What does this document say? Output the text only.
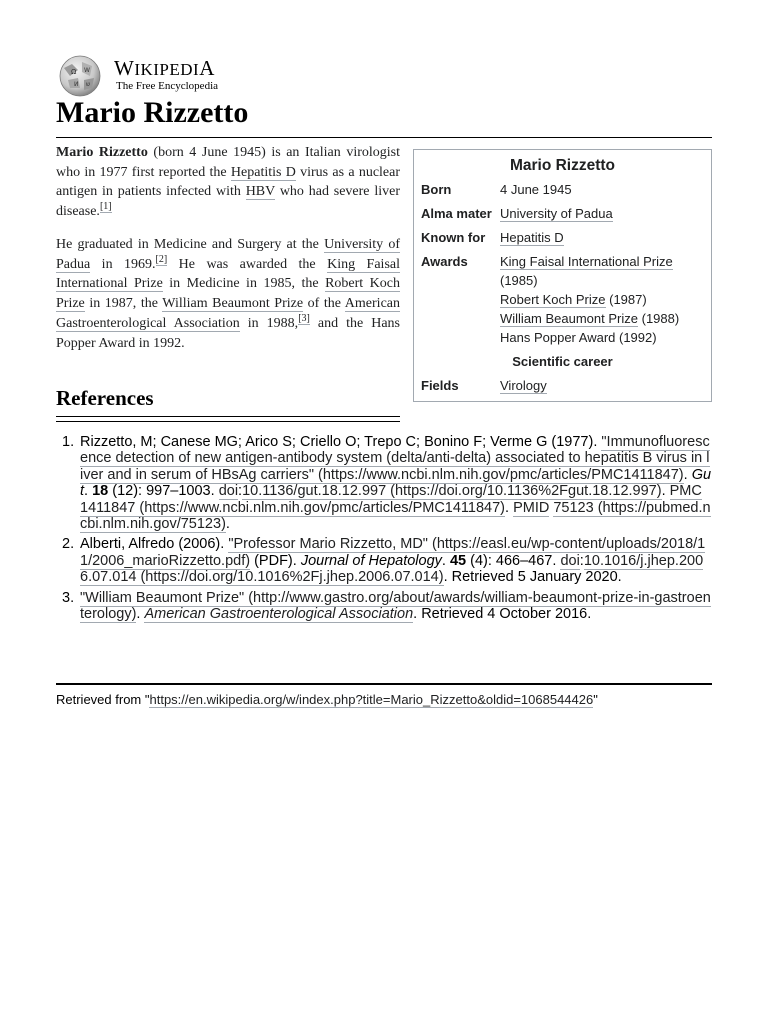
Ω W
И ש
WIKIPEDIA
The Free Encyclopedia
Mario Rizzetto

Mario Rizzetto (born 4 June 1945) is an Italian virologist who in 1977 first reported the Hepatitis D virus as a nuclear antigen in patients infected with HBV who had severe liver disease.[1]

He graduated in Medicine and Surgery at the University of Padua in 1969.[2] He was awarded the King Faisal International Prize in Medicine in 1985, the Robert Koch Prize in 1987, the William Beaumont Prize of the American Gastroenterological Association in 1988,[3] and the Hans Popper Award in 1992.

Mario Rizzetto
Born	4 June 1945
Alma mater University of Padua
Known for Hepatitis D
Awards King Faisal International Prize
(1985)
Robert Koch Prize (1987)
William Beaumont Prize (1988)
Hans Popper Award (1992)
Scientific career
Fields	Virology
References
1. Rizzetto, M; Canese MG; Arico S; Criello O; Trepo C; Bonino F; Verme G (1977). "Immunofluorescence detection of new antigen-antibody system (delta/anti-delta) associated to hepatitis B virus in liver and in serum of HBsAg carriers" (https://www.ncbi.nlm.nih.gov/pmc/articles/PMC1411847). Gut. 18 (12): 997–1003. doi:10.1136/gut.18.12.997 (https://doi.org/10.1136%2Fgut.18.12.997). PMC 1411847 (https://www.ncbi.nlm.nih.gov/pmc/articles/PMC1411847). PMID 75123 (https://pubmed.ncbi.nlm.nih.gov/75123).
2. Alberti, Alfredo (2006). "Professor Mario Rizzetto, MD" (https://easl.eu/wp-content/uploads/2018/11/2006_marioRizzetto.pdf) (PDF). Journal of Hepatology. 45 (4): 466–467. doi:10.1016/j.jhep.2006.07.014 (https://doi.org/10.1016%2Fj.jhep.2006.07.014). Retrieved 5 January 2020.
3. "William Beaumont Prize" (http://www.gastro.org/about/awards/william-beaumont-prize-in-gastroenterology). American Gastroenterological Association. Retrieved 4 October 2016.
Retrieved from "https://en.wikipedia.org/w/index.php?title=Mario_Rizzetto&oldid=1068544426"
